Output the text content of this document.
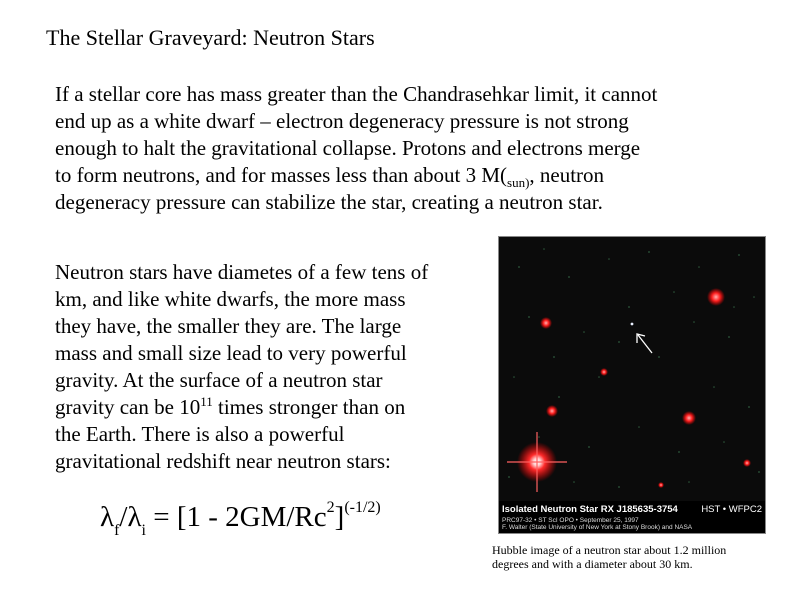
The Stellar Graveyard: Neutron Stars
If a stellar core has mass greater than the Chandrasehkar limit, it cannot
end up as a white dwarf – electron degeneracy pressure is not strong
enough to halt the gravitational collapse. Protons and electrons merge
to form neutrons, and for masses less than about 3 $M(_{sun)}$, neutron
degeneracy pressure can stabilize the star, creating a neutron star.
Neutron stars have diametes of a few tens of
km, and like white dwarfs, the more mass
they have, the smaller they are. The large
mass and small size lead to very powerful
gravity. At the surface of a neutron star
gravity can be $10^{11}$ times stronger than on
the Earth. There is also a powerful
gravitational redshift near neutron stars:
$\lambda_f/\lambda_i = [1 - 2GM/Rc^2]^{(-1/2)}$	Isolated Neutron Star RX J185635-3754 HST • WFPC2
PRC97-32 • ST ScI OPO • September 25, 1997
F. Walter (State University of New York at Stony Brook) and NASA
Hubble image of a neutron star about 1.2 million
degrees and with a diameter about 30 km.
